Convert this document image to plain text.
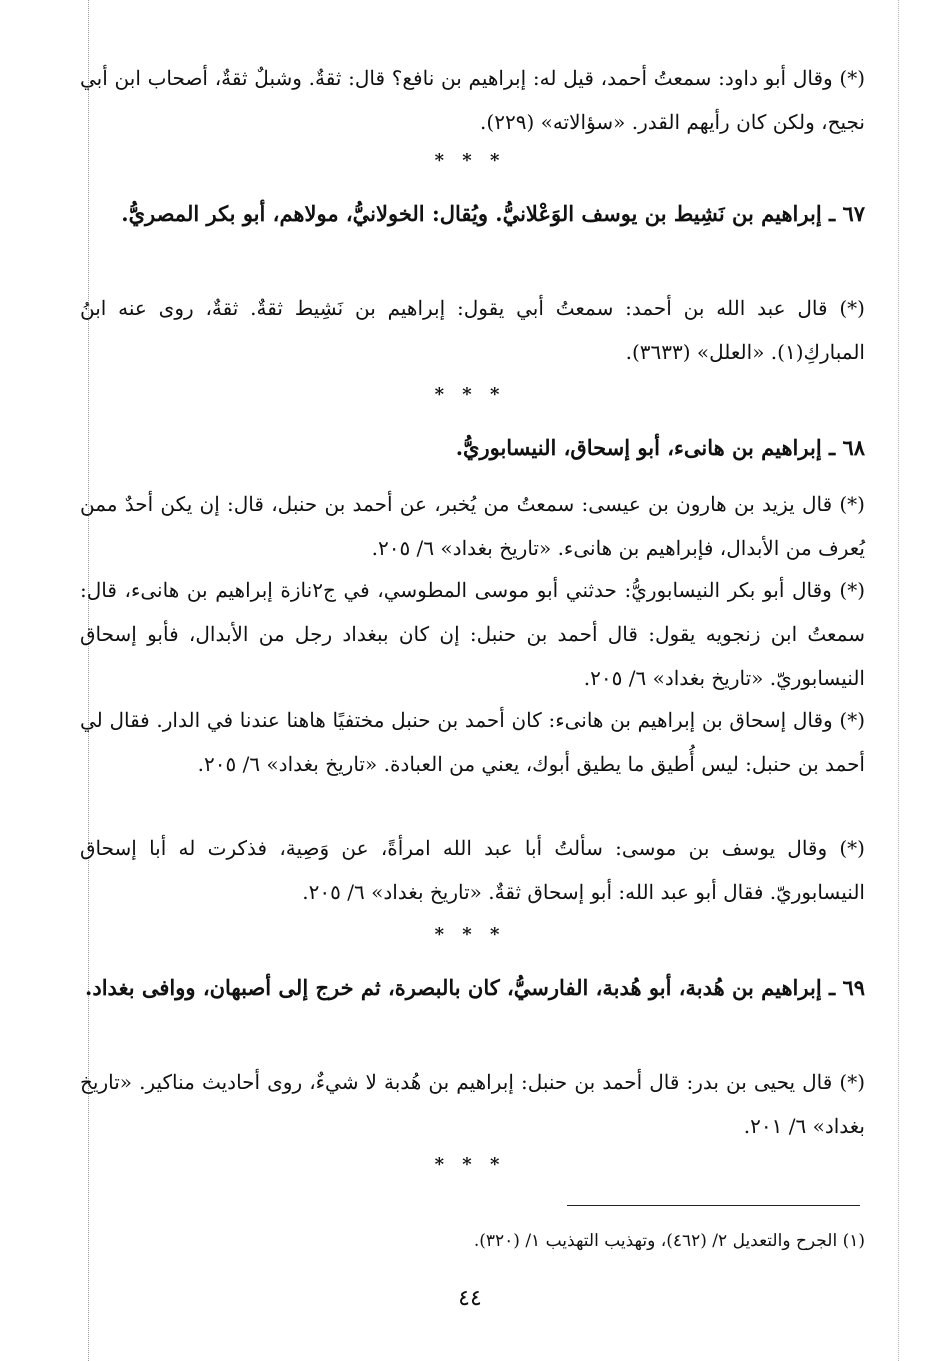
(*) وقال أبو داود: سمعتُ أحمد، قيل له: إبراهيم بن نافع؟ قال: ثقةٌ. وشبلٌ ثقةٌ، أصحاب ابن أبي نجيح، ولكن كان رأيهم القدر. «سؤالاته» (٢٢٩).
* * *
٦٧ ـ إبراهيم بن نَشِيط بن يوسف الوَعْلانيُّ. ويُقال: الخولانيُّ، مولاهم، أبو بكر المصريُّ.
(*) قال عبد الله بن أحمد: سمعتُ أبي يقول: إبراهيم بن نَشِيط ثقةٌ. ثقةٌ، روى عنه ابنُ المباركِ(١). «العلل» (٣٦٣٣).
* * *
٦٨ ـ إبراهيم بن هانىء، أبو إسحاق، النيسابوريُّ.
(*) قال يزيد بن هارون بن عيسى: سمعتُ من يُخبر، عن أحمد بن حنبل، قال: إن يكن أحدٌ ممن يُعرف من الأبدال، فإبراهيم بن هانىء. «تاريخ بغداد» ٦/ ٢٠٥.
(*) وقال أبو بكر النيسابوريُّ: حدثني أبو موسى المطوسي، في ج٢نازة إبراهيم بن هانىء، قال: سمعتُ ابن زنجويه يقول: قال أحمد بن حنبل: إن كان ببغداد رجل من الأبدال، فأبو إسحاق النيسابوريّ. «تاريخ بغداد» ٦/ ٢٠٥.
(*) وقال إسحاق بن إبراهيم بن هانىء: كان أحمد بن حنبل مختفيًا هاهنا عندنا في الدار. فقال لي أحمد بن حنبل: ليس أُطيق ما يطيق أبوك، يعني من العبادة. «تاريخ بغداد» ٦/ ٢٠٥.
(*) وقال يوسف بن موسى: سألتُ أبا عبد الله امرأةً، عن وَصِية، فذكرت له أبا إسحاق النيسابوريّ. فقال أبو عبد الله: أبو إسحاق ثقةٌ. «تاريخ بغداد» ٦/ ٢٠٥.
* * *
٦٩ ـ إبراهيم بن هُدبة، أبو هُدبة، الفارسيُّ، كان بالبصرة، ثم خرج إلى أصبهان، ووافى بغداد.
(*) قال يحيى بن بدر: قال أحمد بن حنبل: إبراهيم بن هُدبة لا شيءٌ، روى أحاديث مناكير. «تاريخ بغداد» ٦/ ٢٠١.
* * *
(١) الجرح والتعديل ٢/ (٤٦٢)، وتهذيب التهذيب ١/ (٣٢٠).
٤٤
